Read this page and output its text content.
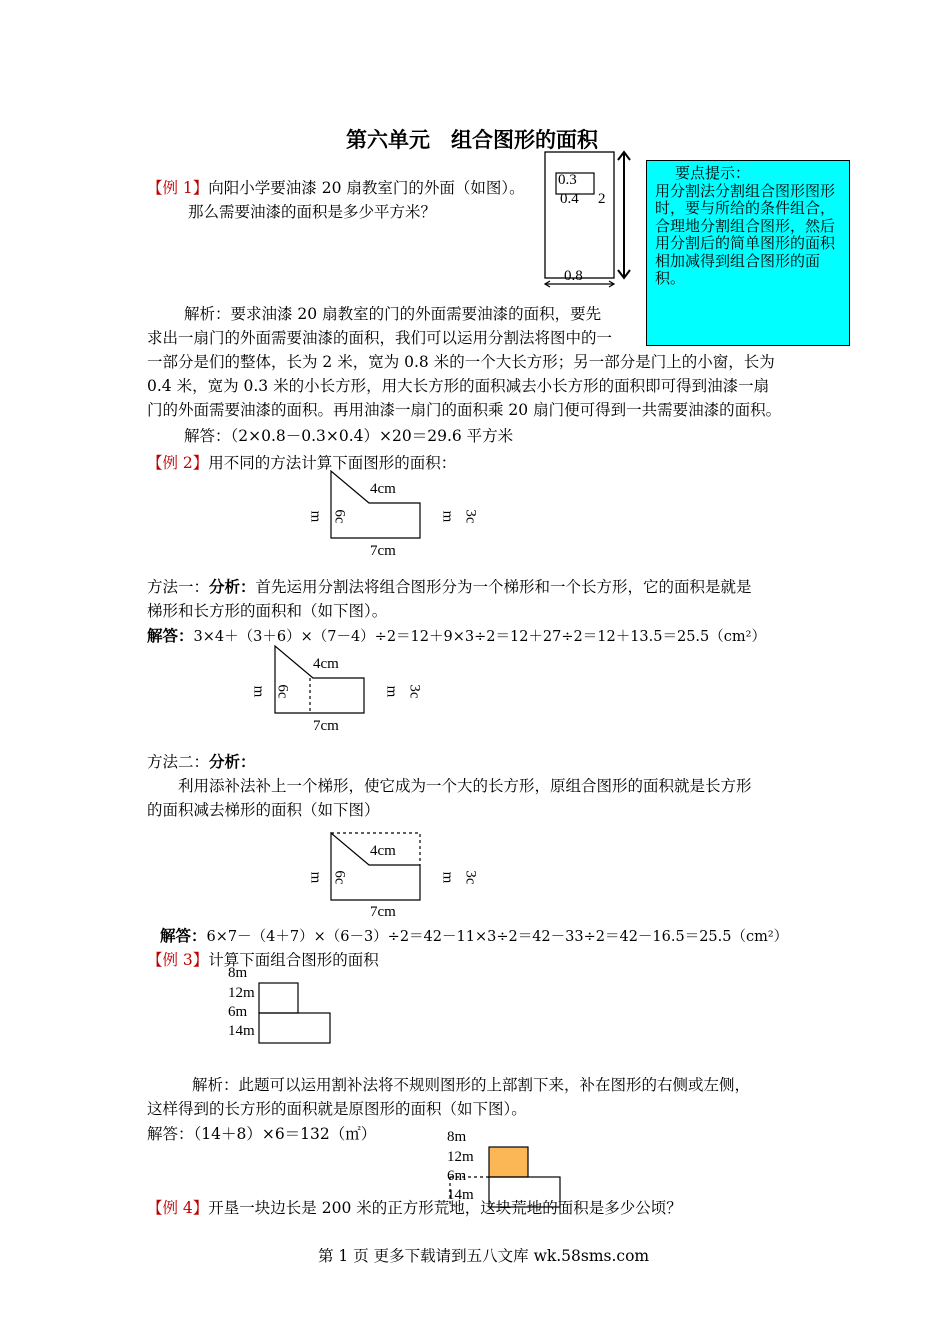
第六单元　组合图形的面积
要点提示：
用分割法分割组合图形图形时，要与所给的条件组合，合理地分割组合图形，然后用分割后的简单图形的面积相加减得到组合图形的面积。
【例 1】向阳小学要油漆 20 扇教室门的外面（如图）。
那么需要油漆的面积是多少平方米？
0.3
0.4 2
0.8
解析：要求油漆 20 扇教室的门的外面需要油漆的面积，要先
求出一扇门的外面需要油漆的面积，我们可以运用分割法将图中的一
一部分是们的整体，长为 2 米，宽为 0.8 米的一个大长方形；另一部分是门上的小窗，长为
0.4 米，宽为 0.3 米的小长方形，用大长方形的面积减去小长方形的面积即可得到油漆一扇
门的外面需要油漆的面积。再用油漆一扇门的面积乘 20 扇门便可得到一共需要油漆的面积。
解答：（2×0.8－0.3×0.4）×20＝29.6 平方米
【例 2】用不同的方法计算下面图形的面积：
4cm
6c
m	3c
m
7cm
方法一：分析：首先运用分割法将组合图形分为一个梯形和一个长方形，它的面积是就是
梯形和长方形的面积和（如下图）。
解答：3×4＋（3＋6）×（7－4）÷2＝12＋9×3÷2＝12＋27÷2＝12＋13.5＝25.5（cm²）
4cm
6c
m	3c
m
7cm
方法二：分析：
利用添补法补上一个梯形，使它成为一个大的长方形，原组合图形的面积就是长方形
的面积减去梯形的面积（如下图）
4cm
6c
m	3c
m
7cm
解答：6×7－（4＋7）×（6－3）÷2＝42－11×3÷2＝42－33÷2＝42－16.5＝25.5（cm²）
【例 3】计算下面组合图形的面积
8m
12m
6m
14m
解析：此题可以运用割补法将不规则图形的上部割下来，补在图形的右侧或左侧，
这样得到的长方形的面积就是原图形的面积（如下图）。
解答：（14＋8）×6＝132（㎡）	8m
12m
6m
14m
【例 4】开垦一块边长是 200 米的正方形荒地，这块荒地的面积是多少公顷？
第 1 页 更多下载请到五八文库 wk.58sms.com
